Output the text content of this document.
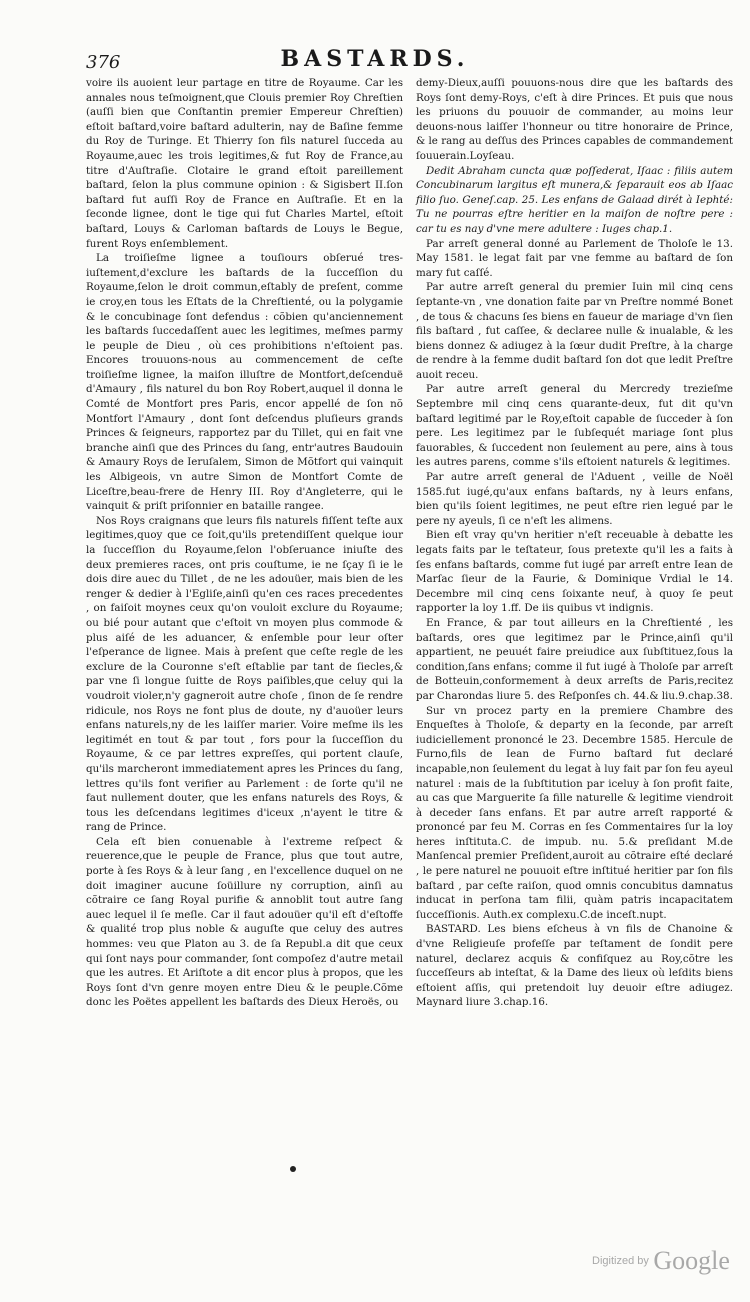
376	BASTARDS.

voire ils auoient leur partage en titre de Royaume. Car les annales nous teſmoignent,que Clouis premier Roy Chreſtien (auſſi bien que Conſtantin premier Empereur Chreſtien) eſtoit baſtard,voire baſtard adulterin, nay de Baſine femme du Roy de Turinge. Et Thierry ſon fils naturel ſucceda au Royaume,auec les trois legitimes,& fut Roy de France,au titre d'Auſtraſie. Clotaire le grand eſtoit pareillement baſtard, ſelon la plus commune opinion : & Sigisbert II.ſon baſtard fut auſſi Roy de France en Auſtraſie. Et en la ſeconde lignee, dont le tige qui fut Charles Martel, eſtoit baſtard, Louys & Carloman baſtards de Louys le Begue, furent Roys enſemblement.

La troiſieſme lignee a touſiours obſerué tres-iuſtement,d'exclure les baſtards de la ſucceſſion du Royaume,ſelon le droit commun,eſtably de preſent, comme ie croy,en tous les Eſtats de la Chreſtienté, ou la polygamie & le concubinage ſont defendus : cõbien qu'anciennement les baſtards ſuccedaſſent auec les legitimes, meſmes parmy le peuple de Dieu , où ces prohibitions n'eſtoient pas. Encores trouuons-nous au commencement de ceſte troiſieſme lignee, la maiſon illuſtre de Montfort,deſcenduë d'Amaury , fils naturel du bon Roy Robert,auquel il donna le Comté de Montfort pres Paris, encor appellé de ſon nõ Montfort l'Amaury , dont ſont deſcendus pluſieurs grands Princes & ſeigneurs, rapportez par du Tillet, qui en fait vne branche ainſi que des Princes du ſang, entr'autres Baudouin & Amaury Roys de Ieruſalem, Simon de Mõtfort qui vainquit les Albigeois, vn autre Simon de Montfort Comte de Liceſtre,beau-frere de Henry III. Roy d'Angleterre, qui le vainquit & priſt priſonnier en bataille rangee.

Nos Roys craignans que leurs fils naturels fiſſent teſte aux legitimes,quoy que ce ſoit,qu'ils pretendiſſent quelque iour la ſucceſſion du Royaume,ſelon l'obſeruance iniuſte des deux premieres races, ont pris couſtume, ie ne ſçay ſi ie le dois dire auec du Tillet , de ne les adouüer, mais bien de les renger & dedier à l'Egliſe,ainſi qu'en ces races precedentes , on faiſoit moynes ceux qu'on vouloit exclure du Royaume; ou bié pour autant que c'eſtoit vn moyen plus commode & plus aiſé de les aduancer, & enſemble pour leur oſter l'eſperance de lignee. Mais à preſent que ceſte regle de les exclure de la Couronne s'eſt eſtablie par tant de ſiecles,& par vne ſi longue ſuitte de Roys paiſibles,que celuy qui la voudroit violer,n'y gagneroit autre choſe , ſinon de ſe rendre ridicule, nos Roys ne font plus de doute, ny d'auoüer leurs enfans naturels,ny de les laiſſer marier. Voire meſme ils les legitimét en tout & par tout , fors pour la ſucceſſion du Royaume, & ce par lettres expreſſes, qui portent clauſe, qu'ils marcheront immediatement apres les Princes du ſang, lettres qu'ils font verifier au Parlement : de ſorte qu'il ne faut nullement douter, que les enfans naturels des Roys, & tous les deſcendans legitimes d'iceux ,n'ayent le titre & rang de Prince.

Cela eſt bien conuenable à l'extreme reſpect & reuerence,que le peuple de France, plus que tout autre, porte à ſes Roys & à leur ſang , en l'excellence duquel on ne doit imaginer aucune ſoüillure ny corruption, ainſi au cõtraire ce ſang Royal purifie & annoblit tout autre ſang auec lequel il ſe meſle. Car il faut adouüer qu'il eſt d'eſtoffe & qualité trop plus noble & auguſte que celuy des autres hommes: veu que Platon au 3. de ſa Republ.a dit que ceux qui ſont nays pour commander, ſont compoſez d'autre metail que les autres. Et Ariſtote a dit encor plus à propos, que les Roys ſont d'vn genre moyen entre Dieu & le peuple.Cõme donc les Poëtes appellent les baſtards des Dieux Heroës, ou

demy-Dieux,auſſi pouuons-nous dire que les baſtards des Roys ſont demy-Roys, c'eſt à dire Princes. Et puis que nous les priuons du pouuoir de commander, au moins leur deuons-nous laiſſer l'honneur ou titre honoraire de Prince, & le rang au deſſus des Princes capables de commandement ſouuerain.Loyſeau.

Dedit Abraham cuncta quæ poſſederat, Iſaac : filiis autem Concubinarum largitus eſt munera,& ſeparauit eos ab Iſaac filio ſuo. Geneſ.cap. 25. Les enfans de Galaad dirét à Iephté: Tu ne pourras eſtre heritier en la maiſon de noſtre pere : car tu es nay d'vne mere adultere : Iuges chap.1.

Par arreſt general donné au Parlement de Tholoſe le 13. May 1581. le legat fait par vne femme au baſtard de ſon mary fut caſſé.

Par autre arreſt general du premier Iuin mil cinq cens ſeptante-vn , vne donation faite par vn Preſtre nommé Bonet , de tous & chacuns ſes biens en faueur de mariage d'vn ſien fils baſtard , fut caſſee, & declaree nulle & inualable, & les biens donnez & adiugez à la ſœur dudit Preſtre, à la charge de rendre à la femme dudit baſtard ſon dot que ledit Preſtre auoit receu.

Par autre arreſt general du Mercredy trezieſme Septembre mil cinq cens quarante-deux, fut dit qu'vn baſtard legitimé par le Roy,eſtoit capable de ſucceder à ſon pere. Les legitimez par le ſubſequét mariage ſont plus fauorables, & ſuccedent non ſeulement au pere, ains à tous les autres parens, comme s'ils eſtoient naturels & legitimes.

Par autre arreſt general de l'Aduent , veille de Noël 1585.fut iugé,qu'aux enfans baſtards, ny à leurs enfans, bien qu'ils ſoient legitimes, ne peut eſtre rien legué par le pere ny ayeuls, ſi ce n'eſt les alimens.

Bien eſt vray qu'vn heritier n'eſt receuable à debatte les legats faits par le teſtateur, ſous pretexte qu'il les a faits à ſes enfans baſtards, comme fut iugé par arreſt entre Iean de Marſac ſieur de la Faurie, & Dominique Vrdial le 14. Decembre mil cinq cens ſoixante neuf, à quoy ſe peut rapporter la loy 1.ff. De iis quibus vt indignis.

En France, & par tout ailleurs en la Chreſtienté , les baſtards, ores que legitimez par le Prince,ainſi qu'il appartient, ne peuuét faire preiudice aux ſubſtituez,ſous la condition,ſans enfans; comme il fut iugé à Tholoſe par arreſt de Botteuin,conformement à deux arreſts de Paris,recitez par Charondas liure 5. des Reſponſes ch. 44.& liu.9.chap.38.

Sur vn procez party en la premiere Chambre des Enqueſtes à Tholoſe, & departy en la ſeconde, par arreſt iudiciellement prononcé le 23. Decembre 1585. Hercule de Furno,fils de Iean de Furno baſtard fut declaré incapable,non ſeulement du legat à luy fait par ſon feu ayeul naturel : mais de la ſubſtitution par iceluy à ſon profit faite, au cas que Marguerite ſa fille naturelle & legitime viendroit à deceder ſans enfans. Et par autre arreſt rapporté & prononcé par feu M. Corras en ſes Commentaires ſur la loy heres inſtituta.C. de impub. nu. 5.& preſidant M.de Manſencal premier Preſident,auroit au cõtraire eſté declaré , le pere naturel ne pouuoit eſtre inſtitué heritier par ſon fils baſtard , par ceſte raiſon, quod omnis concubitus damnatus inducat in perſona tam filii, quàm patris incapacitatem ſucceſſionis. Auth.ex complexu.C.de inceſt.nupt.

BASTARD. Les biens eſcheus à vn fils de Chanoine & d'vne Religieuſe profeſſe par teſtament de ſondit pere naturel, declarez acquis & confiſquez au Roy,cõtre les ſucceſſeurs ab inteſtat, & la Dame des lieux où leſdits biens eſtoient aſſis, qui pretendoit luy deuoir eſtre adiugez. Maynard liure 3.chap.16.

Digitized by Google
